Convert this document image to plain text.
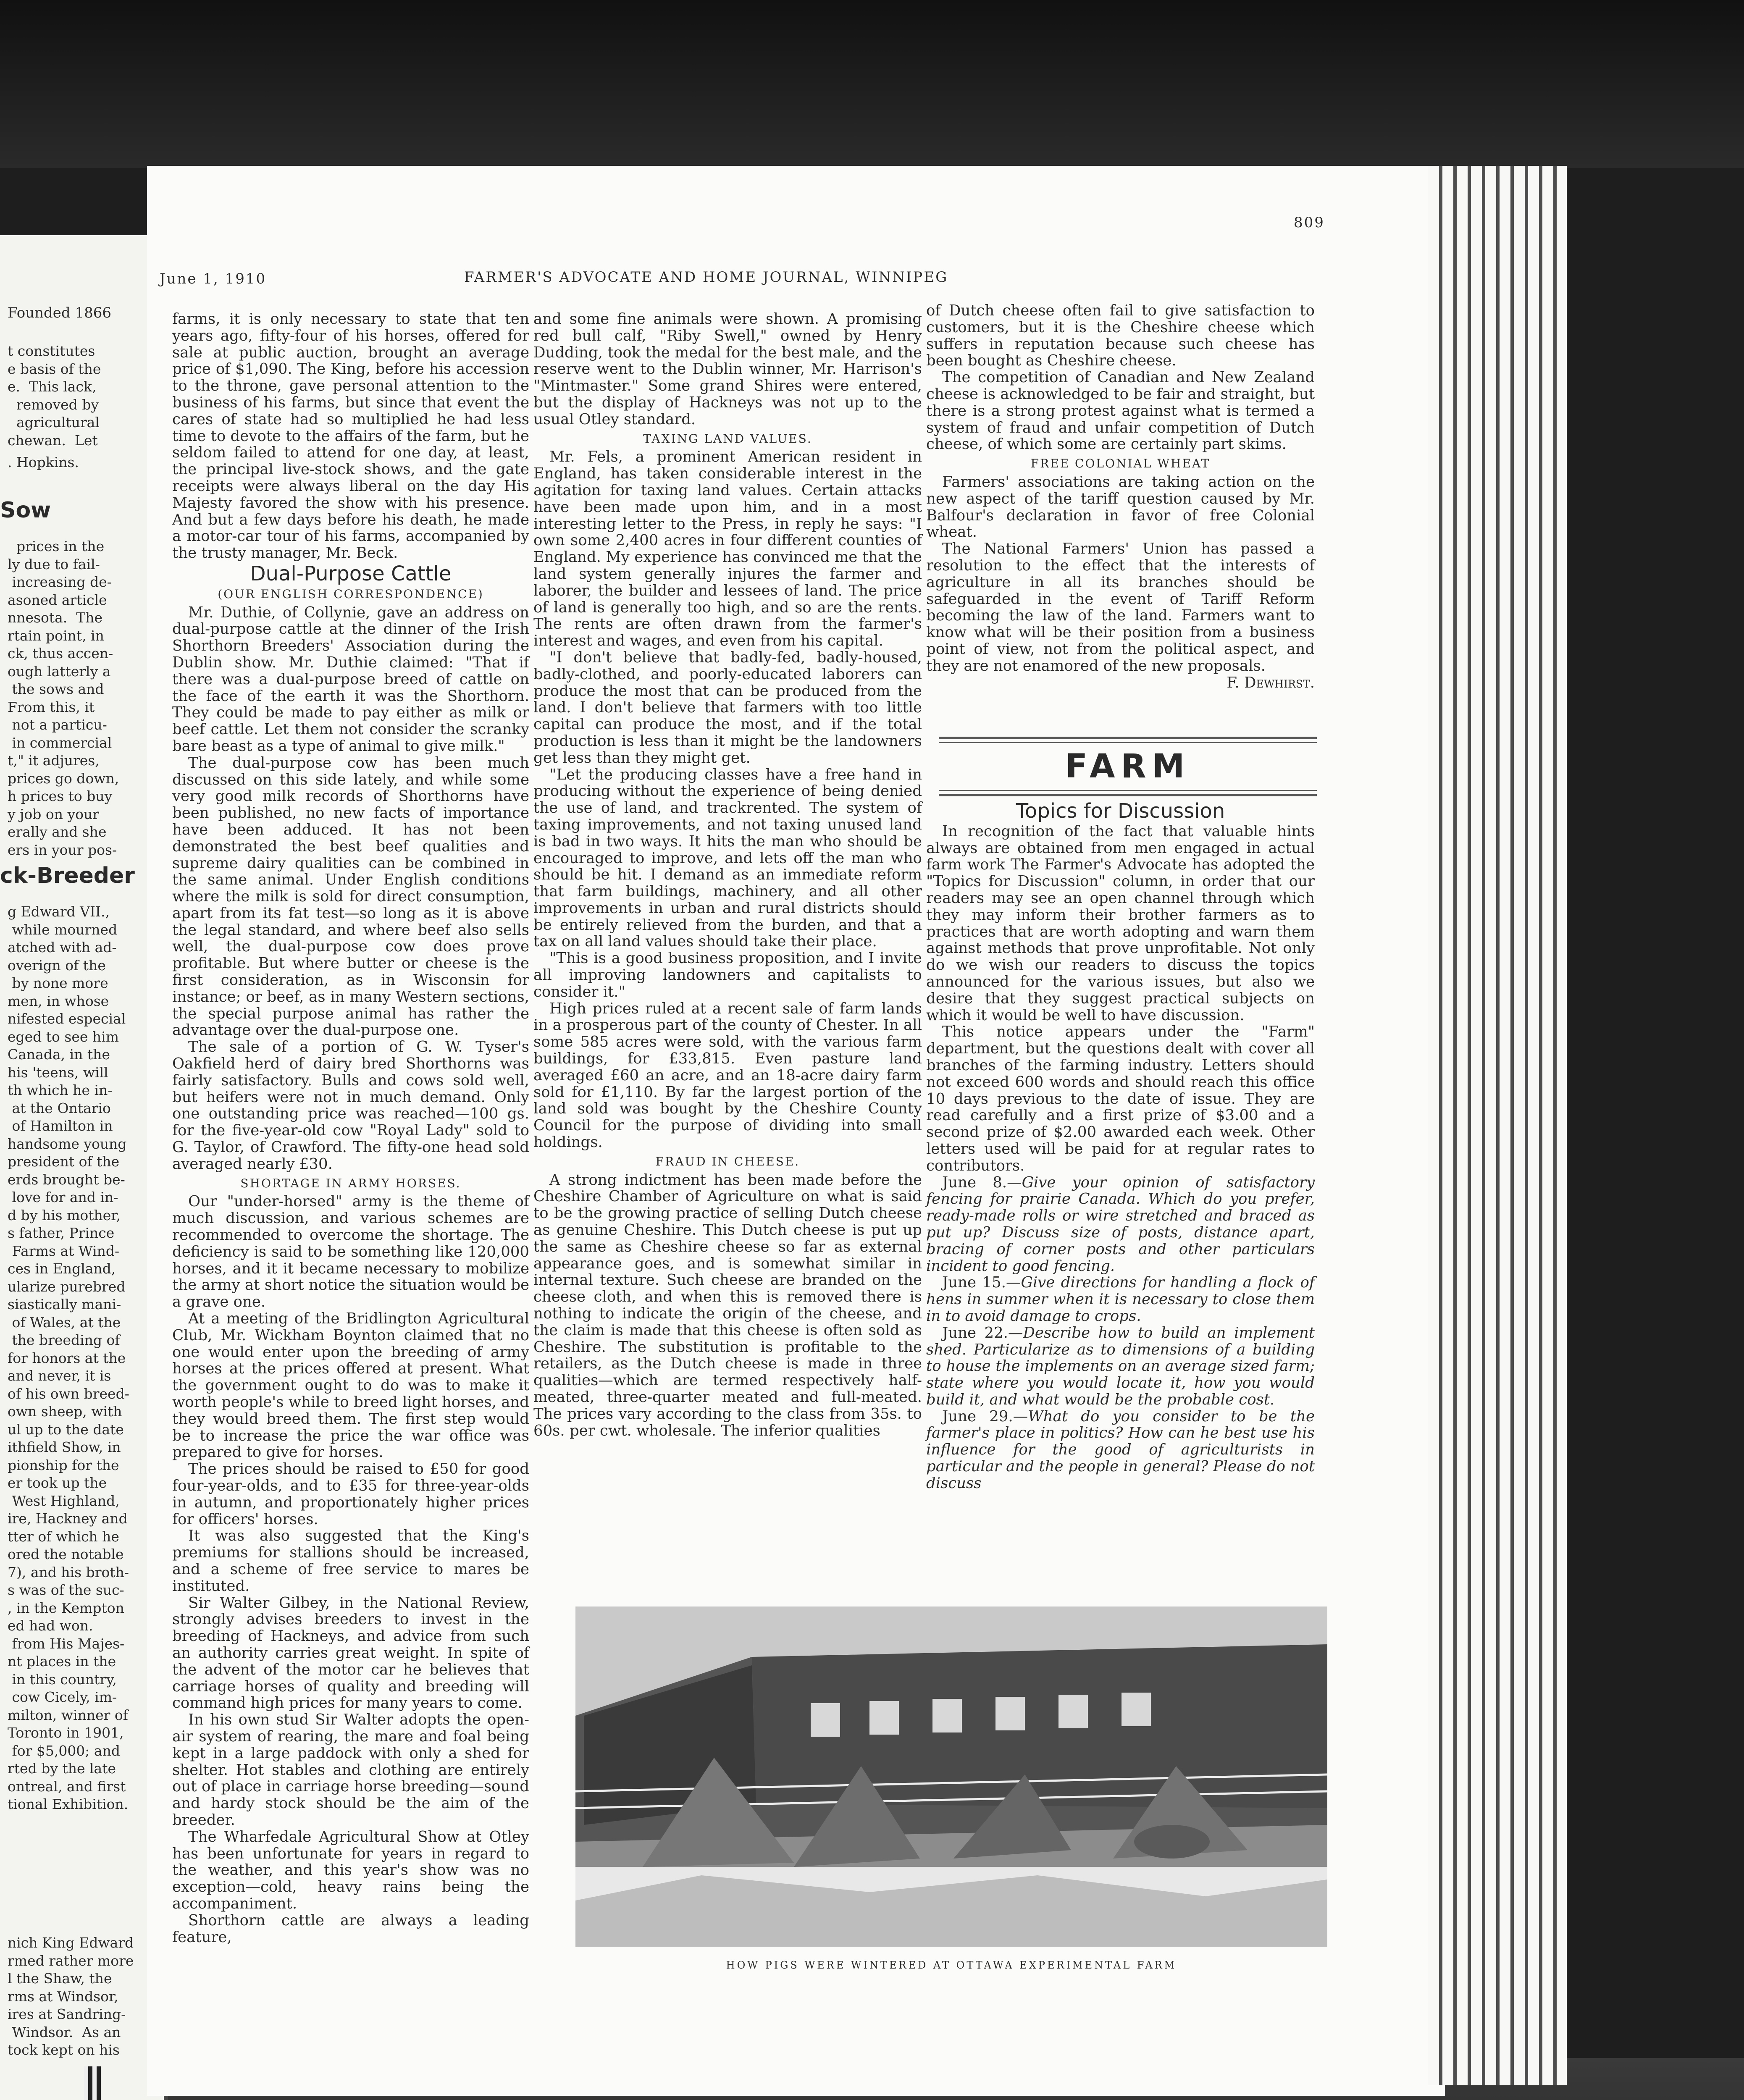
Founded 1866
t constitutes
e basis of the
e.  This lack,
removed by
agricultural
chewan.  Let
. Hopkins.
Sow
prices in the
ly due to fail-
increasing de-
asoned article
nnesota.  The
rtain point, in
ck, thus accen-
ough latterly a
the sows and
From this, it
not a particu-
in commercial
t," it adjures,
prices go down,
h prices to buy
y job on your
erally and she
ers in your pos-
ck-Breeder
g Edward VII.,
while mourned
atched with ad-
overign of the
by none more
men, in whose
nifested especial
eged to see him
Canada, in the
his 'teens, will
th which he in-
at the Ontario
of Hamilton in
handsome young
president of the
erds brought be-
love for and in-
d by his mother,
s father, Prince
Farms at Wind-
ces in England,
ularize purebred
siastically mani-
of Wales, at the
the breeding of
for honors at the
and never, it is
of his own breed-
own sheep, with
ul up to the date
ithfield Show, in
pionship for the
er took up the
West Highland,
ire, Hackney and
tter of which he
ored the notable
7), and his broth-
s was of the suc-
, in the Kempton
ed had won.
from His Majes-
nt places in the
in this country,
cow Cicely, im-
milton, winner of
Toronto in 1901,
for $5,000; and
rted by the late
ontreal, and first
tional Exhibition.
nich King Edward
rmed rather more
l the Shaw, the
rms at Windsor,
ires at Sandring-
Windsor.  As an
tock kept on his
June 1, 1910	FARMER'S ADVOCATE AND HOME JOURNAL, WINNIPEG
809

farms, it is only necessary to state that ten years ago, fifty-four of his horses, offered for sale at public auction, brought an average price of $1,090. The King, before his accession to the throne, gave personal attention to the business of his farms, but since that event the cares of state had so multiplied he had less time to devote to the affairs of the farm, but he seldom failed to attend for one day, at least, the principal live-stock shows, and the gate receipts were always liberal on the day His Majesty favored the show with his presence. And but a few days before his death, he made a motor-car tour of his farms, accompanied by the trusty manager, Mr. Beck.

Dual-Purpose Cattle
(OUR ENGLISH CORRESPONDENCE)

Mr. Duthie, of Collynie, gave an address on dual-purpose cattle at the dinner of the Irish Shorthorn Breeders' Association during the Dublin show. Mr. Duthie claimed: "That if there was a dual-purpose breed of cattle on the face of the earth it was the Shorthorn. They could be made to pay either as milk or beef cattle. Let them not consider the scranky bare beast as a type of animal to give milk."

The dual-purpose cow has been much discussed on this side lately, and while some very good milk records of Shorthorns have been published, no new facts of importance have been adduced. It has not been demonstrated the best beef qualities and supreme dairy qualities can be combined in the same animal. Under English conditions where the milk is sold for direct consumption, apart from its fat test—so long as it is above the legal standard, and where beef also sells well, the dual-purpose cow does prove profitable. But where butter or cheese is the first consideration, as in Wisconsin for instance; or beef, as in many Western sections, the special purpose animal has rather the advantage over the dual-purpose one.

The sale of a portion of G. W. Tyser's Oakfield herd of dairy bred Shorthorns was fairly satisfactory. Bulls and cows sold well, but heifers were not in much demand. Only one outstanding price was reached—100 gs. for the five-year-old cow "Royal Lady" sold to G. Taylor, of Crawford. The fifty-one head sold averaged nearly £30.

SHORTAGE IN ARMY HORSES.

Our "under-horsed" army is the theme of much discussion, and various schemes are recommended to overcome the shortage. The deficiency is said to be something like 120,000 horses, and it it became necessary to mobilize the army at short notice the situation would be a grave one.

At a meeting of the Bridlington Agricultural Club, Mr. Wickham Boynton claimed that no one would enter upon the breeding of army horses at the prices offered at present. What the government ought to do was to make it worth people's while to breed light horses, and they would breed them. The first step would be to increase the price the war office was prepared to give for horses.

The prices should be raised to £50 for good four-year-olds, and to £35 for three-year-olds in autumn, and proportionately higher prices for officers' horses.

It was also suggested that the King's premiums for stallions should be increased, and a scheme of free service to mares be instituted.

Sir Walter Gilbey, in the National Review, strongly advises breeders to invest in the breeding of Hackneys, and advice from such an authority carries great weight. In spite of the advent of the motor car he believes that carriage horses of quality and breeding will command high prices for many years to come.

In his own stud Sir Walter adopts the open-air system of rearing, the mare and foal being kept in a large paddock with only a shed for shelter. Hot stables and clothing are entirely out of place in carriage horse breeding—sound and hardy stock should be the aim of the breeder.

The Wharfedale Agricultural Show at Otley has been unfortunate for years in regard to the weather, and this year's show was no exception—cold, heavy rains being the accompaniment.

Shorthorn cattle are always a leading feature,

and some fine animals were shown. A promising red bull calf, "Riby Swell," owned by Henry Dudding, took the medal for the best male, and the reserve went to the Dublin winner, Mr. Harrison's "Mintmaster." Some grand Shires were entered, but the display of Hackneys was not up to the usual Otley standard.

TAXING LAND VALUES.

Mr. Fels, a prominent American resident in England, has taken considerable interest in the agitation for taxing land values. Certain attacks have been made upon him, and in a most interesting letter to the Press, in reply he says: "I own some 2,400 acres in four different counties of England. My experience has convinced me that the land system generally injures the farmer and laborer, the builder and lessees of land. The price of land is generally too high, and so are the rents. The rents are often drawn from the farmer's interest and wages, and even from his capital.

"I don't believe that badly-fed, badly-housed, badly-clothed, and poorly-educated laborers can produce the most that can be produced from the land. I don't believe that farmers with too little capital can produce the most, and if the total production is less than it might be the landowners get less than they might get.

"Let the producing classes have a free hand in producing without the experience of being denied the use of land, and trackrented. The system of taxing improvements, and not taxing unused land is bad in two ways. It hits the man who should be encouraged to improve, and lets off the man who should be hit. I demand as an immediate reform that farm buildings, machinery, and all other improvements in urban and rural districts should be entirely relieved from the burden, and that a tax on all land values should take their place.

"This is a good business proposition, and I invite all improving landowners and capitalists to consider it."

High prices ruled at a recent sale of farm lands in a prosperous part of the county of Chester. In all some 585 acres were sold, with the various farm buildings, for £33,815. Even pasture land averaged £60 an acre, and an 18-acre dairy farm sold for £1,110. By far the largest portion of the land sold was bought by the Cheshire County Council for the purpose of dividing into small holdings.

FRAUD IN CHEESE.

A strong indictment has been made before the Cheshire Chamber of Agriculture on what is said to be the growing practice of selling Dutch cheese as genuine Cheshire. This Dutch cheese is put up the same as Cheshire cheese so far as external appearance goes, and is somewhat similar in internal texture. Such cheese are branded on the cheese cloth, and when this is removed there is nothing to indicate the origin of the cheese, and the claim is made that this cheese is often sold as Cheshire. The substitution is profitable to the retailers, as the Dutch cheese is made in three qualities—which are termed respectively half-meated, three-quarter meated and full-meated. The prices vary according to the class from 35s. to 60s. per cwt. wholesale. The inferior qualities

of Dutch cheese often fail to give satisfaction to customers, but it is the Cheshire cheese which suffers in reputation because such cheese has been bought as Cheshire cheese.

The competition of Canadian and New Zealand cheese is acknowledged to be fair and straight, but there is a strong protest against what is termed a system of fraud and unfair competition of Dutch cheese, of which some are certainly part skims.

FREE COLONIAL WHEAT

Farmers' associations are taking action on the new aspect of the tariff question caused by Mr. Balfour's declaration in favor of free Colonial wheat.

The National Farmers' Union has passed a resolution to the effect that the interests of agriculture in all its branches should be safeguarded in the event of Tariff Reform becoming the law of the land. Farmers want to know what will be their position from a business point of view, not from the political aspect, and they are not enamored of the new proposals.

F. Dewhirst.
FARM
Topics for Discussion

In recognition of the fact that valuable hints always are obtained from men engaged in actual farm work The Farmer's Advocate has adopted the "Topics for Discussion" column, in order that our readers may see an open channel through which they may inform their brother farmers as to practices that are worth adopting and warn them against methods that prove unprofitable. Not only do we wish our readers to discuss the topics announced for the various issues, but also we desire that they suggest practical subjects on which it would be well to have discussion.

This notice appears under the "Farm" department, but the questions dealt with cover all branches of the farming industry. Letters should not exceed 600 words and should reach this office 10 days previous to the date of issue. They are read carefully and a first prize of $3.00 and a second prize of $2.00 awarded each week. Other letters used will be paid for at regular rates to contributors.

June 8.—Give your opinion of satisfactory fencing for prairie Canada. Which do you prefer, ready-made rolls or wire stretched and braced as put up? Discuss size of posts, distance apart, bracing of corner posts and other particulars incident to good fencing.

June 15.—Give directions for handling a flock of hens in summer when it is necessary to close them in to avoid damage to crops.

June 22.—Describe how to build an implement shed. Particularize as to dimensions of a building to house the implements on an average sized farm; state where you would locate it, how you would build it, and what would be the probable cost.

June 29.—What do you consider to be the farmer's place in politics? How can he best use his influence for the good of agriculturists in particular and the people in general? Please do not discuss

HOW PIGS WERE WINTERED AT OTTAWA EXPERIMENTAL FARM
